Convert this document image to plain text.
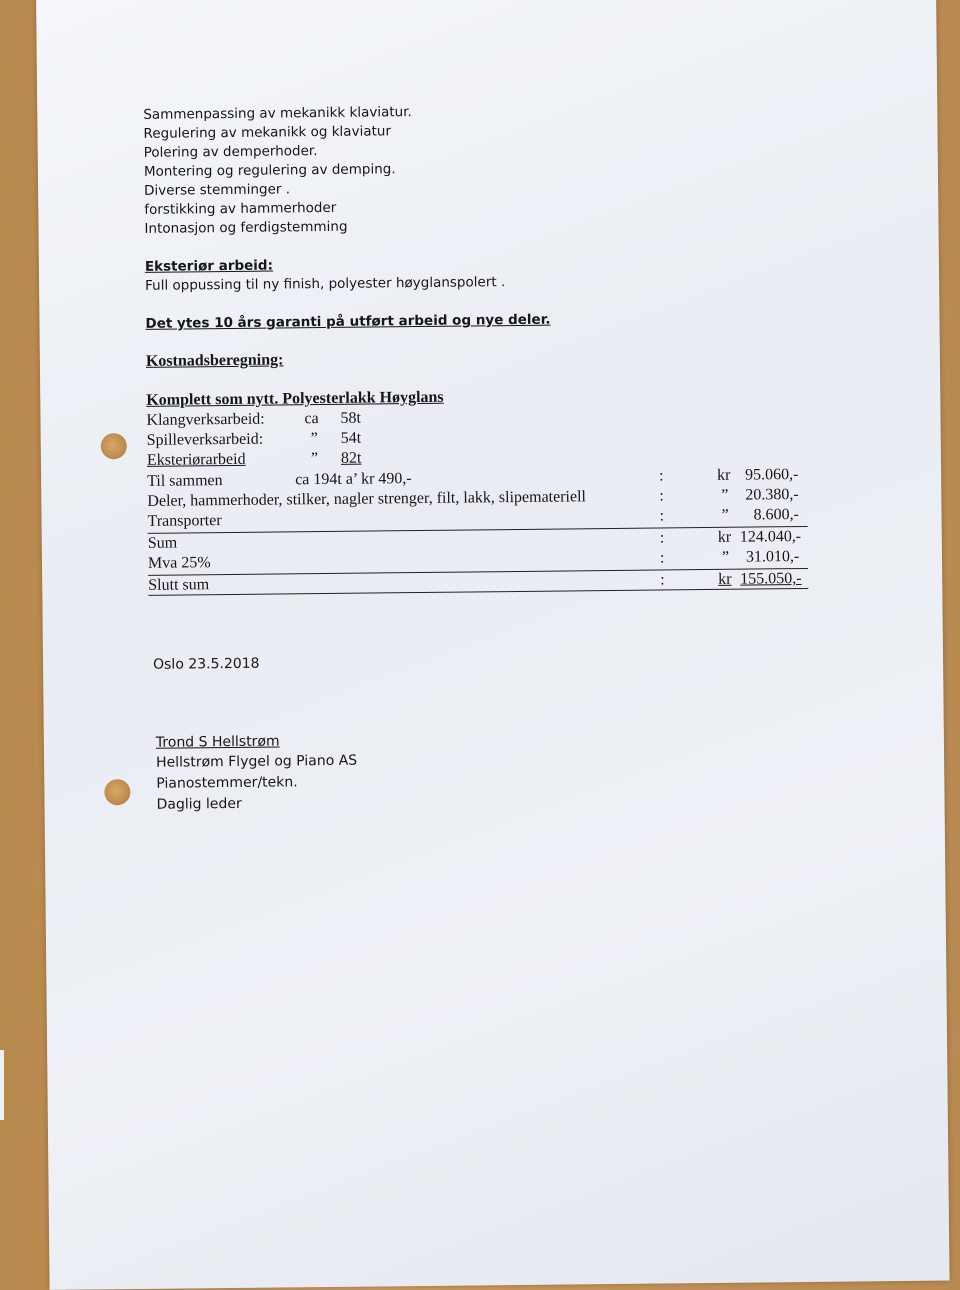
Sammenpassing av mekanikk klaviatur.
Regulering av mekanikk og klaviatur
Polering av demperhoder.
Montering og regulering av demping.
Diverse stemminger .
forstikking av hammerhoder
Intonasjon og ferdigstemming
Eksteriør arbeid:
Full oppussing til ny finish, polyester høyglanspolert .
Det ytes 10 års garanti på utført arbeid og nye deler.
Kostnadsberegning:
Komplett som nytt. Polyesterlakk Høyglans
Klangverksarbeid: ca 58t
Spilleverksarbeid:	” 54t
Eksteriørarbeid	” 82t
Til sammen	ca 194t a’ kr 490,-	:	kr 95.060,-
Deler, hammerhoder, stilker, nagler strenger, filt, lakk, slipemateriell	:	” 20.380,-
Transporter	:	” 8.600,-
Sum	:	kr 124.040,-
Mva 25%	:	” 31.010,-
Slutt sum	:	kr 155.050,-
Oslo 23.5.2018
Trond S Hellstrøm
Hellstrøm Flygel og Piano AS
Pianostemmer/tekn.
Daglig leder
